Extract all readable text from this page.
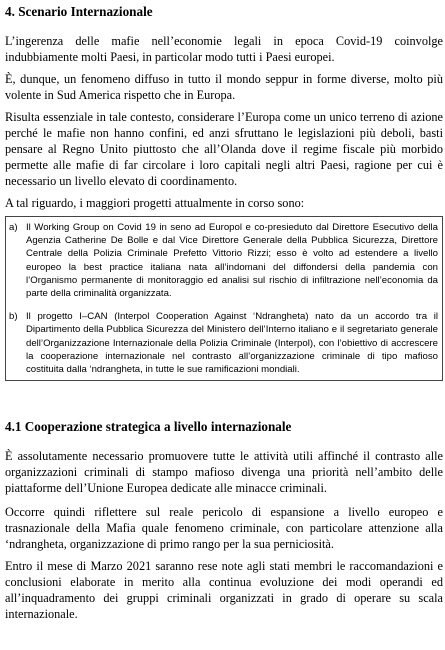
4. Scenario Internazionale

L’ingerenza delle mafie nell’economie legali in epoca Covid-19 coinvolge indubbiamente molti Paesi, in particolar modo tutti i Paesi europei.

È, dunque, un fenomeno diffuso in tutto il mondo seppur in forme diverse, molto più volente in Sud America rispetto che in Europa.

Risulta essenziale in tale contesto, considerare l’Europa come un unico terreno di azione perché le mafie non hanno confini, ed anzi sfruttano le legislazioni più deboli, basti pensare al Regno Unito piuttosto che all’Olanda dove il regime fiscale più morbido permette alle mafie di far circolare i loro capitali negli altri Paesi, ragione per cui è necessario un livello elevato di coordinamento.

A tal riguardo, i maggiori progetti attualmente in corso sono:

a) Il Working Group on Covid 19 in seno ad Europol e co-presieduto dal Direttore Esecutivo della Agenzia Catherine De Bolle e dal Vice Direttore Generale della Pubblica Sicurezza, Direttore Centrale della Polizia Criminale Prefetto Vittorio Rizzi; esso è volto ad estendere a livello europeo la best practice italiana nata all’indomani del diffondersi della pandemia con l’Organismo permanente di monitoraggio ed analisi sul rischio di infiltrazione nell’economia da parte della criminalità organizzata.

b) Il progetto I–CAN (Interpol Cooperation Against ‘Ndrangheta) nato da un accordo tra il Dipartimento della Pubblica Sicurezza del Ministero dell’Interno italiano e il segretariato generale dell’Organizzazione Internazionale della Polizia Criminale (Interpol), con l’obiettivo di accrescere la cooperazione internazionale nel contrasto all’organizzazione criminale di tipo mafioso costituita dalla ‘ndrangheta, in tutte le sue ramificazioni mondiali.

4.1 Cooperazione strategica a livello internazionale

È assolutamente necessario promuovere tutte le attività utili affinché il contrasto alle organizzazioni criminali di stampo mafioso divenga una priorità nell’ambito delle piattaforme dell’Unione Europea dedicate alle minacce criminali.

Occorre quindi riflettere sul reale pericolo di espansione a livello europeo e trasnazionale della Mafia quale fenomeno criminale, con particolare attenzione alla ‘ndrangheta, organizzazione di primo rango per la sua perniciosità.

Entro il mese di Marzo 2021 saranno rese note agli stati membri le raccomandazioni e conclusioni elaborate in merito alla continua evoluzione dei modi operandi ed all’inquadramento dei gruppi criminali organizzati in grado di operare su scala internazionale.
